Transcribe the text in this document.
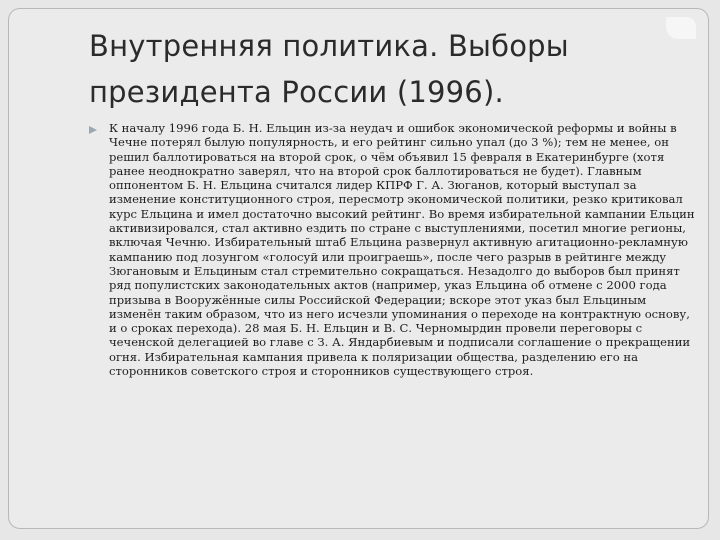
Внутренняя политика. Выборы президента России (1996).

К началу 1996 года Б. Н. Ельцин из-за неудач и ошибок экономической реформы и войны в Чечне потерял былую популярность, и его рейтинг сильно упал (до 3 %); тем не менее, он решил баллотироваться на второй срок, о чём объявил 15 февраля в Екатеринбурге (хотя ранее неоднократно заверял, что на второй срок баллотироваться не будет). Главным оппонентом Б. Н. Ельцина считался лидер КПРФ Г. А. Зюганов, который выступал за изменение конституционного строя, пересмотр экономической политики, резко критиковал курс Ельцина и имел достаточно высокий рейтинг. Во время избирательной кампании Ельцин активизировался, стал активно ездить по стране с выступлениями, посетил многие регионы, включая Чечню. Избирательный штаб Ельцина развернул активную агитационно-рекламную кампанию под лозунгом «голосуй или проиграешь», после чего разрыв в рейтинге между Зюгановым и Ельциным стал стремительно сокращаться. Незадолго до выборов был принят ряд популистских законодательных актов (например, указ Ельцина об отмене с 2000 года призыва в Вооружённые силы Российской Федерации; вскоре этот указ был Ельциным изменён таким образом, что из него исчезли упоминания о переходе на контрактную основу, и о сроках перехода). 28 мая Б. Н. Ельцин и В. С. Черномырдин провели переговоры с чеченской делегацией во главе с З. А. Яндарбиевым и подписали соглашение о прекращении огня. Избирательная кампания привела к поляризации общества, разделению его на сторонников советского строя и сторонников существующего строя.
